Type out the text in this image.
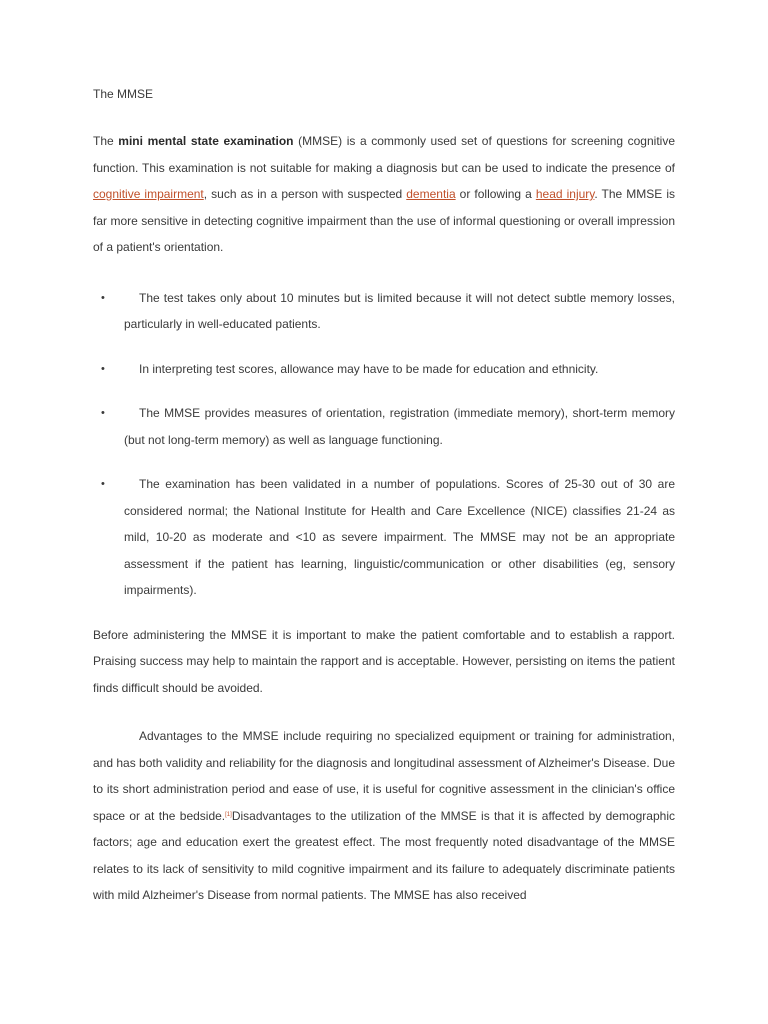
The MMSE

The mini mental state examination (MMSE) is a commonly used set of questions for screening cognitive function. This examination is not suitable for making a diagnosis but can be used to indicate the presence of cognitive impairment, such as in a person with suspected dementia or following a head injury. The MMSE is far more sensitive in detecting cognitive impairment than the use of informal questioning or overall impression of a patient's orientation.

•	The test takes only about 10 minutes but is limited because it will not detect subtle memory losses, particularly in well-educated patients.
•	In interpreting test scores, allowance may have to be made for education and ethnicity.
•	The MMSE provides measures of orientation, registration (immediate memory), short-term memory (but not long-term memory) as well as language functioning.
•	The examination has been validated in a number of populations. Scores of 25-30 out of 30 are considered normal; the National Institute for Health and Care Excellence (NICE) classifies 21-24 as mild, 10-20 as moderate and <10 as severe impairment. The MMSE may not be an appropriate assessment if the patient has learning, linguistic/communication or other disabilities (eg, sensory impairments).

Before administering the MMSE it is important to make the patient comfortable and to establish a rapport. Praising success may help to maintain the rapport and is acceptable. However, persisting on items the patient finds difficult should be avoided.

Advantages to the MMSE include requiring no specialized equipment or training for administration, and has both validity and reliability for the diagnosis and longitudinal assessment of Alzheimer's Disease. Due to its short administration period and ease of use, it is useful for cognitive assessment in the clinician's office space or at the bedside.[1]Disadvantages to the utilization of the MMSE is that it is affected by demographic factors; age and education exert the greatest effect. The most frequently noted disadvantage of the MMSE relates to its lack of sensitivity to mild cognitive impairment and its failure to adequately discriminate patients with mild Alzheimer's Disease from normal patients. The MMSE has also received
